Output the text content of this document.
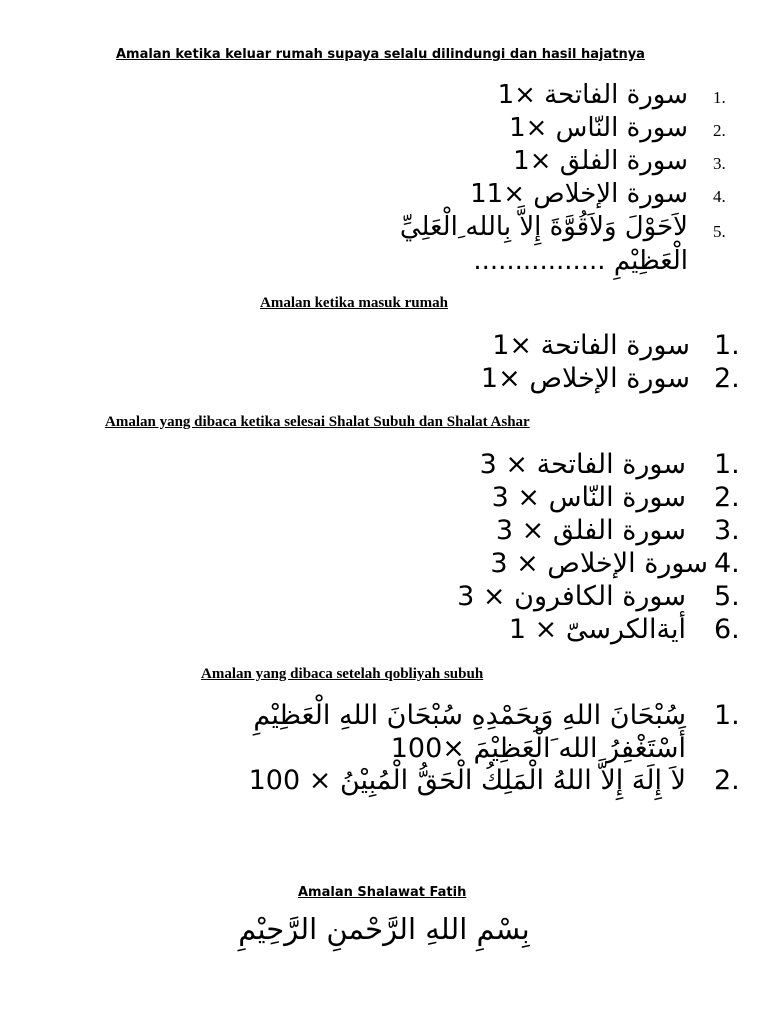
Amalan ketika keluar rumah supaya selalu dilindungi dan hasil hajatnya
سورة الفاتحة ×1 1.
سورة النّاس ×1 2.
سورة الفلق ×1 3.
سورة الإخلاص ×11 4.
لاَحَوْلَ وَلاَقُوَّةَ إِلاَّ بِالله ِالْعَلِيِّ
الْعَظِيْمِ ................
5.
Amalan ketika masuk rumah
سورة الفاتحة ×1 1.
سورة الإخلاص ×1 2.
Amalan yang dibaca ketika selesai Shalat Subuh dan Shalat Ashar
سورة الفاتحة × 3 1.
سورة النّاس × 3 2.
سورة الفلق × 3 3.
سورة الإخلاص × 3 4.
سورة الكافرون × 3 5.
أيةالكرسىّ × 1 6.
Amalan yang dibaca setelah qobliyah subuh
سُبْحَانَ اللهِ وَبِحَمْدِهِ سُبْحَانَ اللهِ الْعَظِيْمِ
أَسْتَغْفِرُ الله َالْعَظِيْمَ ×100
1.
لاَ إِلَهَ إِلاَّ اللهُ الْمَلِكُ الْحَقُّ الْمُبِيْنُ × 100 2.
Amalan Shalawat Fatih
بِسْمِ اللهِ الرَّحْمنِ الرَّحِيْمِ
